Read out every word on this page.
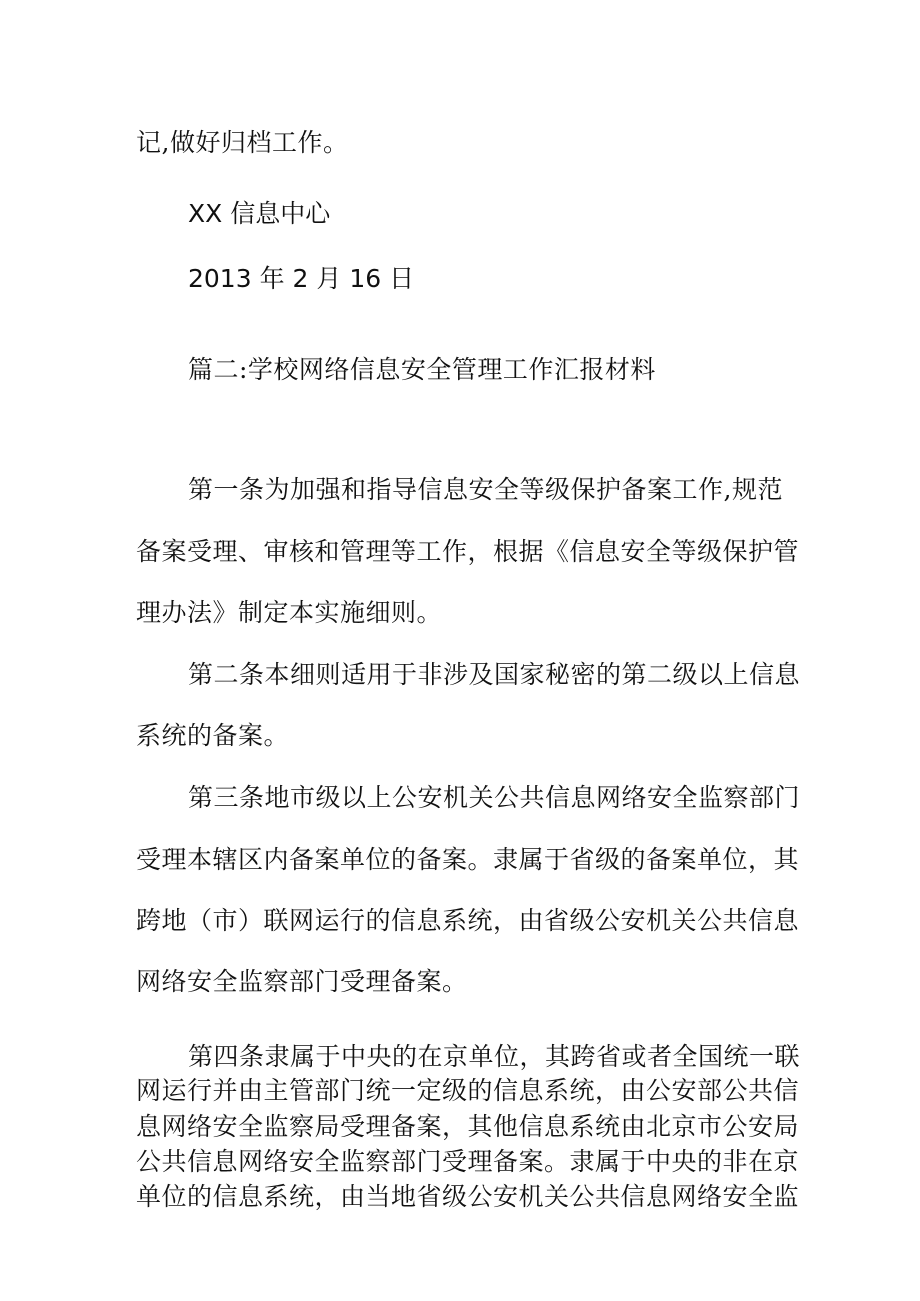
记,做好归档工作。
XX 信息中心
2013 年 2 月 16 日
篇二:学校网络信息安全管理工作汇报材料
第一条为加强和指导信息安全等级保护备案工作,规范
备案受理、审核和管理等工作，根据《信息安全等级保护管
理办法》制定本实施细则。
第二条本细则适用于非涉及国家秘密的第二级以上信息
系统的备案。
第三条地市级以上公安机关公共信息网络安全监察部门
受理本辖区内备案单位的备案。隶属于省级的备案单位，其
跨地（市）联网运行的信息系统，由省级公安机关公共信息
网络安全监察部门受理备案。
第四条隶属于中央的在京单位，其跨省或者全国统一联
网运行并由主管部门统一定级的信息系统，由公安部公共信
息网络安全监察局受理备案，其他信息系统由北京市公安局
公共信息网络安全监察部门受理备案。隶属于中央的非在京
单位的信息系统，由当地省级公安机关公共信息网络安全监
